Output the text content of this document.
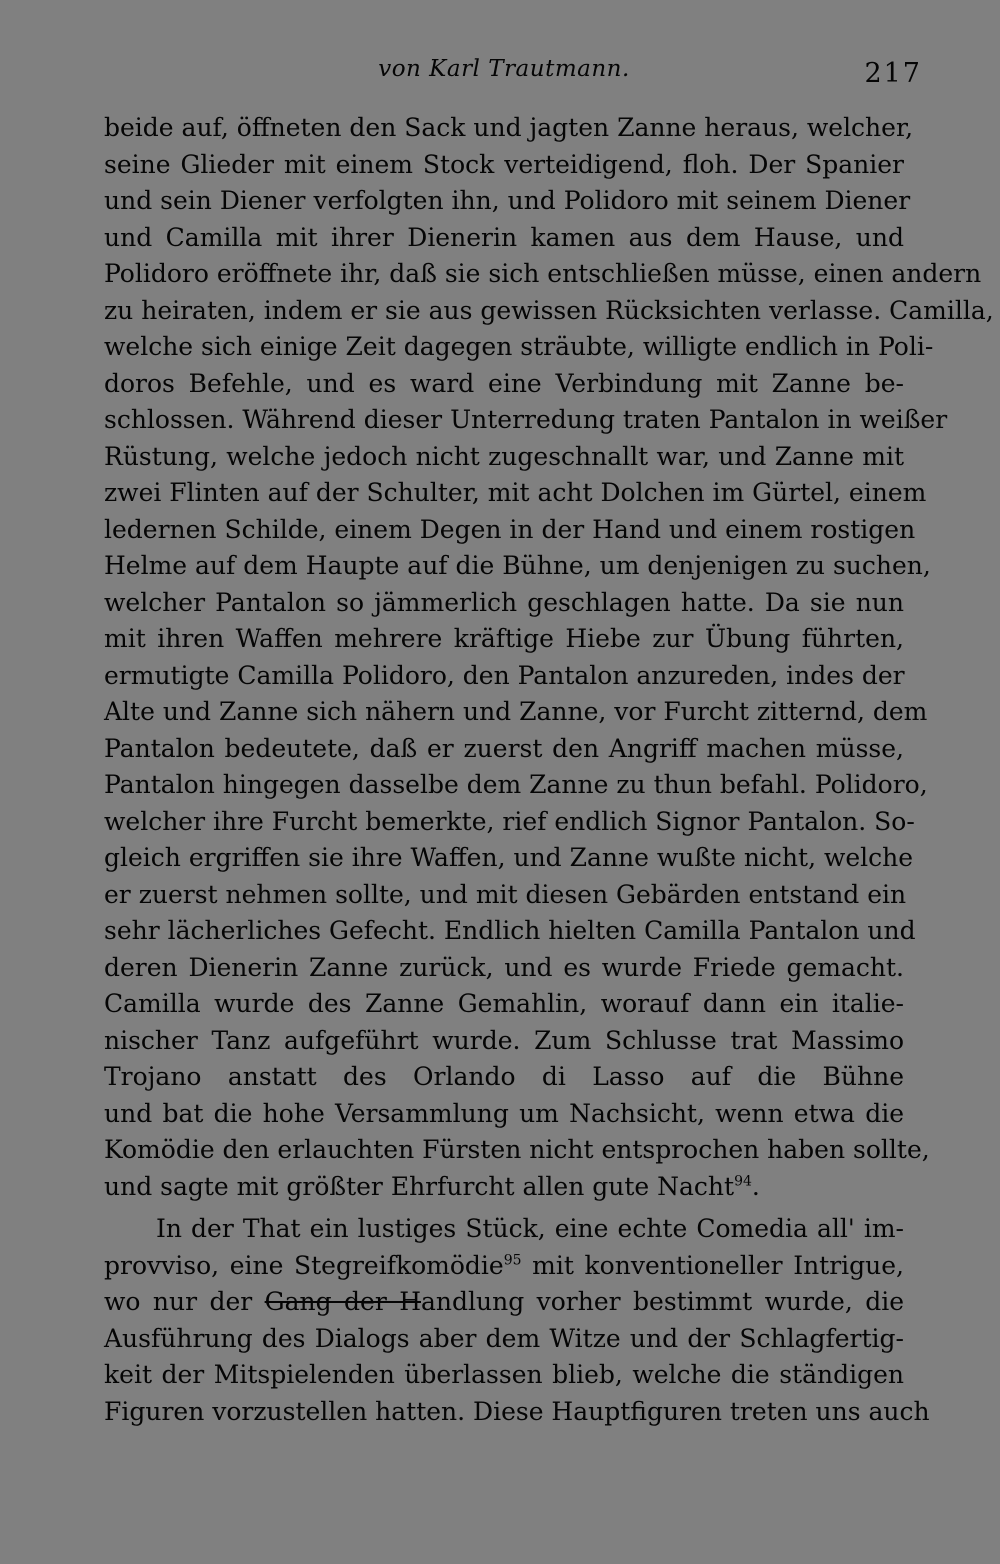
von Karl Trautmann.	217
beide auf, öffneten den Sack und jagten Zanne heraus, welcher,
seine Glieder mit einem Stock verteidigend, floh. Der Spanier
und sein Diener verfolgten ihn, und Polidoro mit seinem Diener
und Camilla mit ihrer Dienerin kamen aus dem Hause, und
Polidoro eröffnete ihr, daß sie sich entschließen müsse, einen andern
zu heiraten, indem er sie aus gewissen Rücksichten verlasse. Camilla,
welche sich einige Zeit dagegen sträubte, willigte endlich in Poli-
doros Befehle, und es ward eine Verbindung mit Zanne be-
schlossen. Während dieser Unterredung traten Pantalon in weißer
Rüstung, welche jedoch nicht zugeschnallt war, und Zanne mit
zwei Flinten auf der Schulter, mit acht Dolchen im Gürtel, einem
ledernen Schilde, einem Degen in der Hand und einem rostigen
Helme auf dem Haupte auf die Bühne, um denjenigen zu suchen,
welcher Pantalon so jämmerlich geschlagen hatte. Da sie nun
mit ihren Waffen mehrere kräftige Hiebe zur Übung führten,
ermutigte Camilla Polidoro, den Pantalon anzureden, indes der
Alte und Zanne sich nähern und Zanne, vor Furcht zitternd, dem
Pantalon bedeutete, daß er zuerst den Angriff machen müsse,
Pantalon hingegen dasselbe dem Zanne zu thun befahl. Polidoro,
welcher ihre Furcht bemerkte, rief endlich Signor Pantalon. So-
gleich ergriffen sie ihre Waffen, und Zanne wußte nicht, welche
er zuerst nehmen sollte, und mit diesen Gebärden entstand ein
sehr lächerliches Gefecht. Endlich hielten Camilla Pantalon und
deren Dienerin Zanne zurück, und es wurde Friede gemacht.
Camilla wurde des Zanne Gemahlin, worauf dann ein italie-
nischer Tanz aufgeführt wurde. Zum Schlusse trat Massimo
Trojano anstatt des Orlando di Lasso auf die Bühne
und bat die hohe Versammlung um Nachsicht, wenn etwa die
Komödie den erlauchten Fürsten nicht entsprochen haben sollte,
und sagte mit größter Ehrfurcht allen gute Nacht$^{94}$.
In der That ein lustiges Stück, eine echte Comedia all' im-
provviso, eine Stegreifkomödie$^{95}$ mit konventioneller Intrigue,
wo nur der Gang der Handlung vorher bestimmt wurde, die
Ausführung des Dialogs aber dem Witze und der Schlagfertig-
keit der Mitspielenden überlassen blieb, welche die ständigen
Figuren vorzustellen hatten. Diese Hauptfiguren treten uns auch
